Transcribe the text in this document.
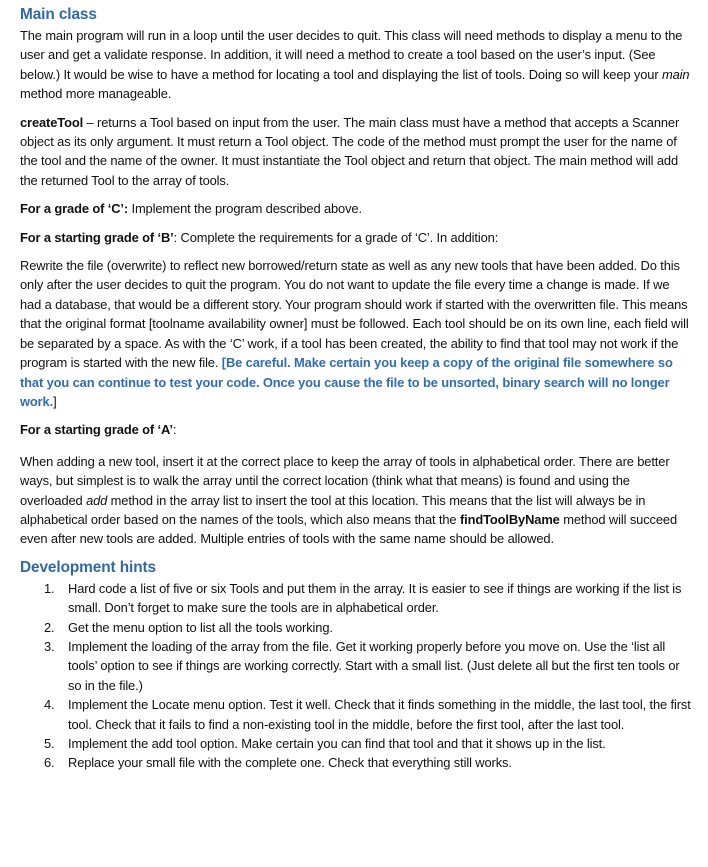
Main class

The main program will run in a loop until the user decides to quit. This class will need methods to display a menu to the user and get a validate response. In addition, it will need a method to create a tool based on the user’s input. (See below.) It would be wise to have a method for locating a tool and displaying the list of tools. Doing so will keep your main method more manageable.

createTool – returns a Tool based on input from the user. The main class must have a method that accepts a Scanner object as its only argument. It must return a Tool object. The code of the method must prompt the user for the name of the tool and the name of the owner. It must instantiate the Tool object and return that object. The main method will add the returned Tool to the array of tools.

For a grade of ‘C’: Implement the program described above.

For a starting grade of ‘B’: Complete the requirements for a grade of ‘C’. In addition:

Rewrite the file (overwrite) to reflect new borrowed/return state as well as any new tools that have been added. Do this only after the user decides to quit the program. You do not want to update the file every time a change is made. If we had a database, that would be a different story. Your program should work if started with the overwritten file. This means that the original format [toolname availability owner] must be followed. Each tool should be on its own line, each field will be separated by a space. As with the ‘C’ work, if a tool has been created, the ability to find that tool may not work if the program is started with the new file. [Be careful. Make certain you keep a copy of the original file somewhere so that you can continue to test your code. Once you cause the file to be unsorted, binary search will no longer work.]

For a starting grade of ‘A’:

When adding a new tool, insert it at the correct place to keep the array of tools in alphabetical order. There are better ways, but simplest is to walk the array until the correct location (think what that means) is found and using the overloaded add method in the array list to insert the tool at this location. This means that the list will always be in alphabetical order based on the names of the tools, which also means that the findToolByName method will succeed even after new tools are added. Multiple entries of tools with the same name should be allowed.

Development hints
1. Hard code a list of five or six Tools and put them in the array. It is easier to see if things are working if the list is small. Don’t forget to make sure the tools are in alphabetical order.
2. Get the menu option to list all the tools working.
3. Implement the loading of the array from the file. Get it working properly before you move on. Use the ‘list all tools’ option to see if things are working correctly. Start with a small list. (Just delete all but the first ten tools or so in the file.)
4. Implement the Locate menu option. Test it well. Check that it finds something in the middle, the last tool, the first tool. Check that it fails to find a non-existing tool in the middle, before the first tool, after the last tool.
5. Implement the add tool option. Make certain you can find that tool and that it shows up in the list.
6. Replace your small file with the complete one. Check that everything still works.
